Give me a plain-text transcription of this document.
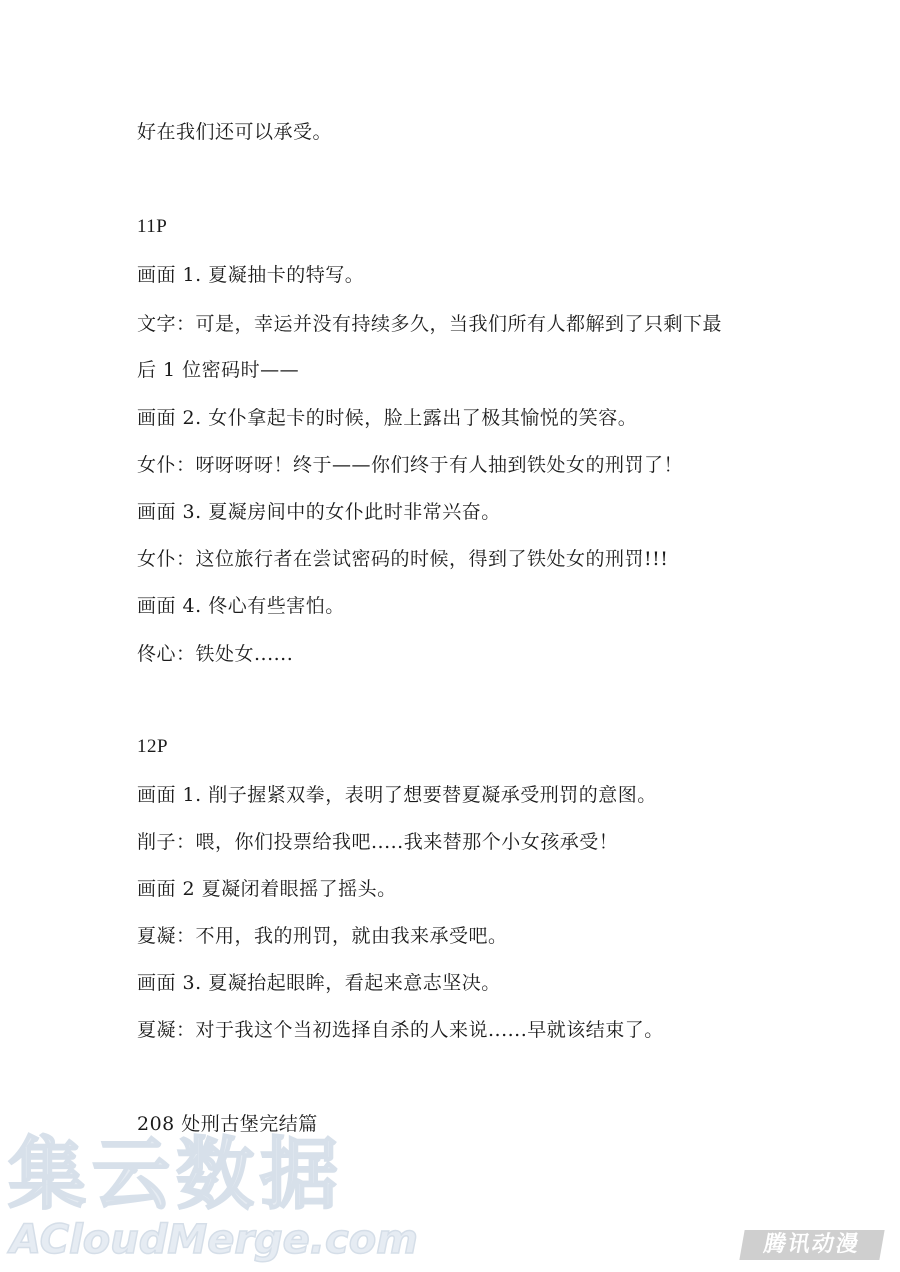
好在我们还可以承受。
11P
画面 1. 夏凝抽卡的特写。
文字：可是，幸运并没有持续多久，当我们所有人都解到了只剩下最
后 1 位密码时——
画面 2. 女仆拿起卡的时候，脸上露出了极其愉悦的笑容。
女仆：呀呀呀呀！终于——你们终于有人抽到铁处女的刑罚了！
画面 3. 夏凝房间中的女仆此时非常兴奋。
女仆：这位旅行者在尝试密码的时候，得到了铁处女的刑罚!!!
画面 4. 佟心有些害怕。
佟心：铁处女......
12P
画面 1. 削子握紧双拳，表明了想要替夏凝承受刑罚的意图。
削子：喂，你们投票给我吧.....我来替那个小女孩承受！
画面 2 夏凝闭着眼摇了摇头。
夏凝：不用，我的刑罚，就由我来承受吧。
画面 3. 夏凝抬起眼眸，看起来意志坚决。
夏凝：对于我这个当初选择自杀的人来说......早就该结束了。
208 处刑古堡完结篇
集云数据
ACloudMerge.com	腾讯动漫
